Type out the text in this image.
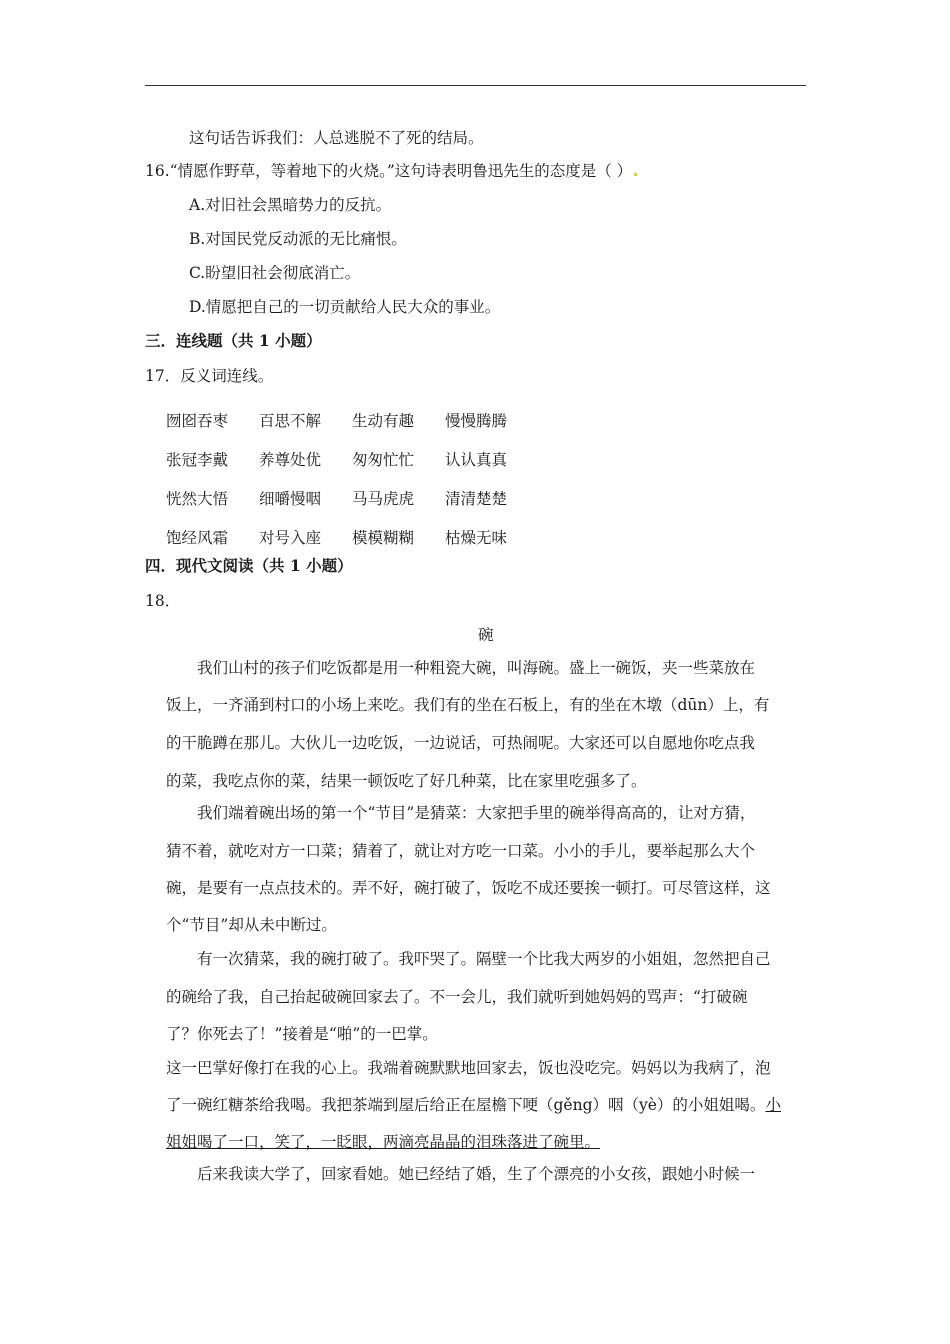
这句话告诉我们：人总逃脱不了死的结局。
16.“情愿作野草，等着地下的火烧。”这句诗表明鲁迅先生的态度是（ ）
A.对旧社会黑暗势力的反抗。
B.对国民党反动派的无比痛恨。
C.盼望旧社会彻底消亡。
D.情愿把自己的一切贡献给人民大众的事业。
三．连线题（共 1 小题）
17．反义词连线。
囫囵吞枣	百思不解	生动有趣	慢慢腾腾
张冠李戴	养尊处优	匆匆忙忙	认认真真
恍然大悟	细嚼慢咽	马马虎虎	清清楚楚
饱经风霜	对号入座	模模糊糊	枯燥无味
四．现代文阅读（共 1 小题）
18．
碗
我们山村的孩子们吃饭都是用一种粗瓷大碗，叫海碗。盛上一碗饭，夹一些菜放在
饭上，一齐涌到村口的小场上来吃。我们有的坐在石板上，有的坐在木墩（dūn）上，有
的干脆蹲在那儿。大伙儿一边吃饭，一边说话，可热闹呢。大家还可以自愿地你吃点我
的菜，我吃点你的菜，结果一顿饭吃了好几种菜，比在家里吃强多了。
我们端着碗出场的第一个“节目”是猜菜：大家把手里的碗举得高高的，让对方猜，
猜不着，就吃对方一口菜；猜着了，就让对方吃一口菜。小小的手儿，要举起那么大个
碗，是要有一点点技术的。弄不好，碗打破了，饭吃不成还要挨一顿打。可尽管这样，这
个“节目”却从未中断过。
有一次猜菜，我的碗打破了。我吓哭了。隔壁一个比我大两岁的小姐姐，忽然把自己
的碗给了我，自己抬起破碗回家去了。不一会儿，我们就听到她妈妈的骂声：“打破碗
了？你死去了！”接着是“啪”的一巴掌。
这一巴掌好像打在我的心上。我端着碗默默地回家去，饭也没吃完。妈妈以为我病了，泡
了一碗红糖茶给我喝。我把茶端到屋后给正在屋檐下哽（gěng）咽（yè）的小姐姐喝。小
姐姐喝了一口，笑了，一眨眼，两滴亮晶晶的泪珠落进了碗里。
后来我读大学了，回家看她。她已经结了婚，生了个漂亮的小女孩，跟她小时候一
